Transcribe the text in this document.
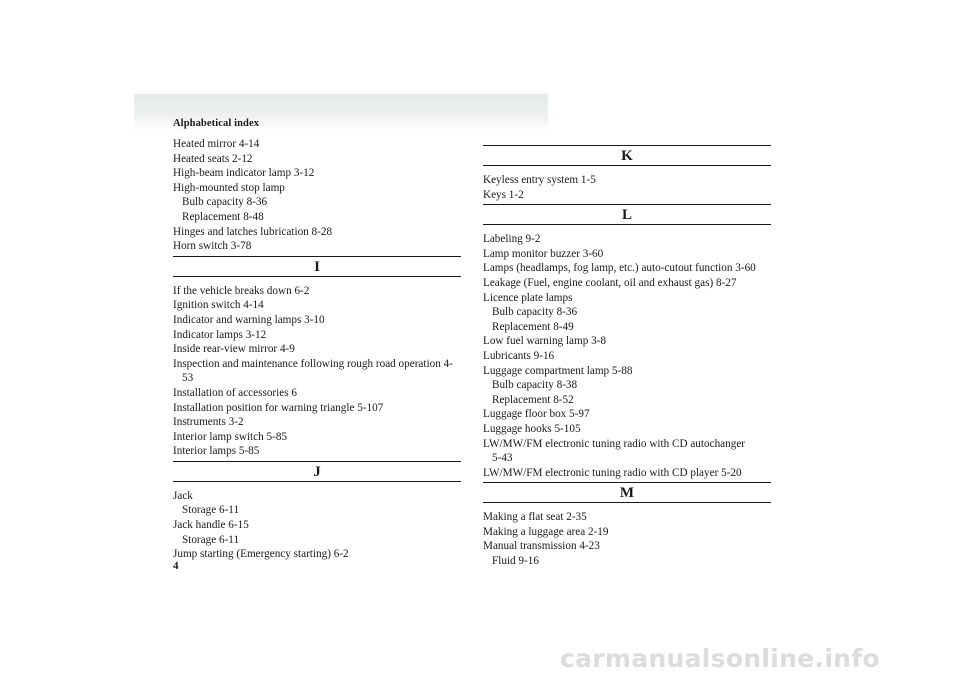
Alphabetical index
Heated mirror 4-14
Heated seats 2-12
High-beam indicator lamp 3-12
High-mounted stop lamp
Bulb capacity 8-36
Replacement 8-48
Hinges and latches lubrication 8-28
Horn switch 3-78
I
If the vehicle breaks down 6-2
Ignition switch 4-14
Indicator and warning lamps 3-10
Indicator lamps 3-12
Inside rear-view mirror 4-9
Inspection and maintenance following rough road operation 4-
53
Installation of accessories 6
Installation position for warning triangle 5-107
Instruments 3-2
Interior lamp switch 5-85
Interior lamps 5-85
J
Jack
Storage 6-11
Jack handle 6-15
Storage 6-11
Jump starting (Emergency starting) 6-2
K
Keyless entry system 1-5
Keys 1-2
L
Labeling 9-2
Lamp monitor buzzer 3-60
Lamps (headlamps, fog lamp, etc.) auto-cutout function 3-60
Leakage (Fuel, engine coolant, oil and exhaust gas) 8-27
Licence plate lamps
Bulb capacity 8-36
Replacement 8-49
Low fuel warning lamp 3-8
Lubricants 9-16
Luggage compartment lamp 5-88
Bulb capacity 8-38
Replacement 8-52
Luggage floor box 5-97
Luggage hooks 5-105
LW/MW/FM electronic tuning radio with CD autochanger
5-43
LW/MW/FM electronic tuning radio with CD player 5-20
M
Making a flat seat 2-35
Making a luggage area 2-19
Manual transmission 4-23
Fluid 9-16
4
carmanualsonline.info
